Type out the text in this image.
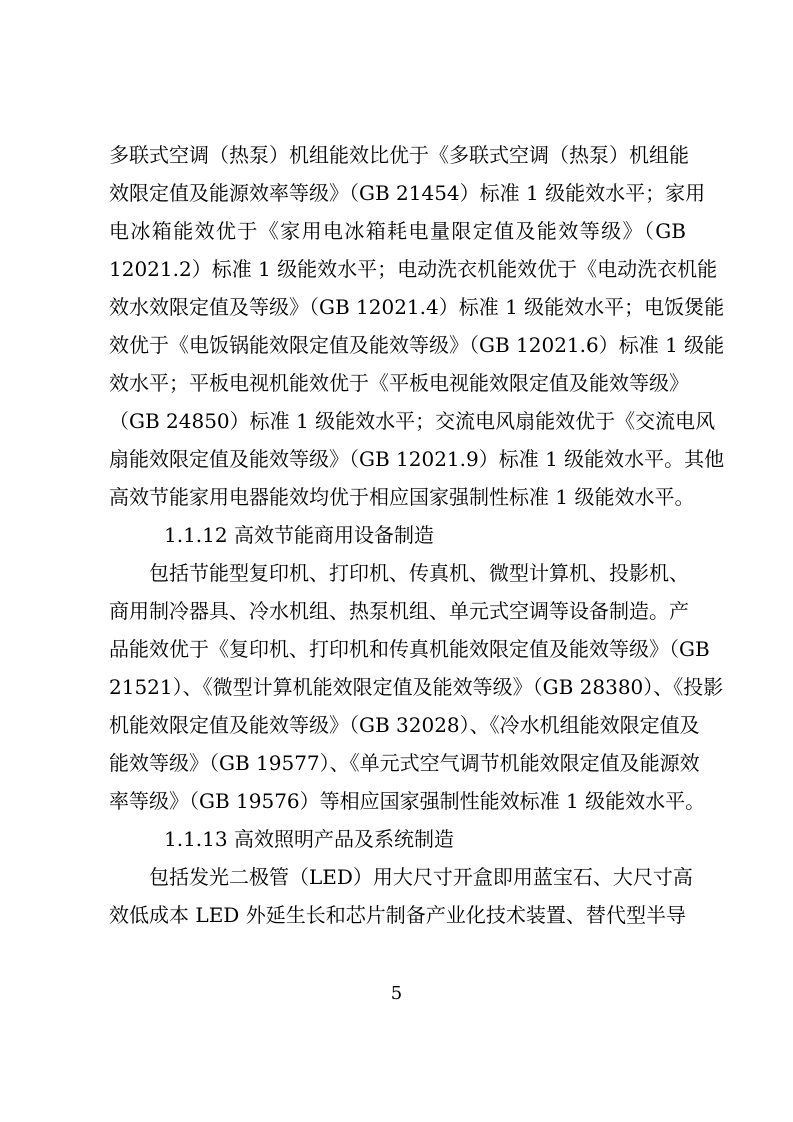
多联式空调（热泵）机组能效比优于《多联式空调（热泵）机组能
效限定值及能源效率等级》（GB 21454）标准 1 级能效水平；家用
电冰箱能效优于《家用电冰箱耗电量限定值及能效等级》（GB
12021.2）标准 1 级能效水平；电动洗衣机能效优于《电动洗衣机能
效水效限定值及等级》（GB 12021.4）标准 1 级能效水平；电饭煲能
效优于《电饭锅能效限定值及能效等级》（GB 12021.6）标准 1 级能
效水平；平板电视机能效优于《平板电视能效限定值及能效等级》
（GB 24850）标准 1 级能效水平；交流电风扇能效优于《交流电风
扇能效限定值及能效等级》（GB 12021.9）标准 1 级能效水平。其他
高效节能家用电器能效均优于相应国家强制性标准 1 级能效水平。
1.1.12 高效节能商用设备制造
包括节能型复印机、打印机、传真机、微型计算机、投影机、
商用制冷器具、冷水机组、热泵机组、单元式空调等设备制造。产
品能效优于《复印机、打印机和传真机能效限定值及能效等级》（GB
21521）、《微型计算机能效限定值及能效等级》（GB 28380）、《投影
机能效限定值及能效等级》（GB 32028）、《冷水机组能效限定值及
能效等级》（GB 19577）、《单元式空气调节机能效限定值及能源效
率等级》（GB 19576）等相应国家强制性能效标准 1 级能效水平。
1.1.13 高效照明产品及系统制造
包括发光二极管（LED）用大尺寸开盒即用蓝宝石、大尺寸高
效低成本 LED 外延生长和芯片制备产业化技术装置、替代型半导
5
